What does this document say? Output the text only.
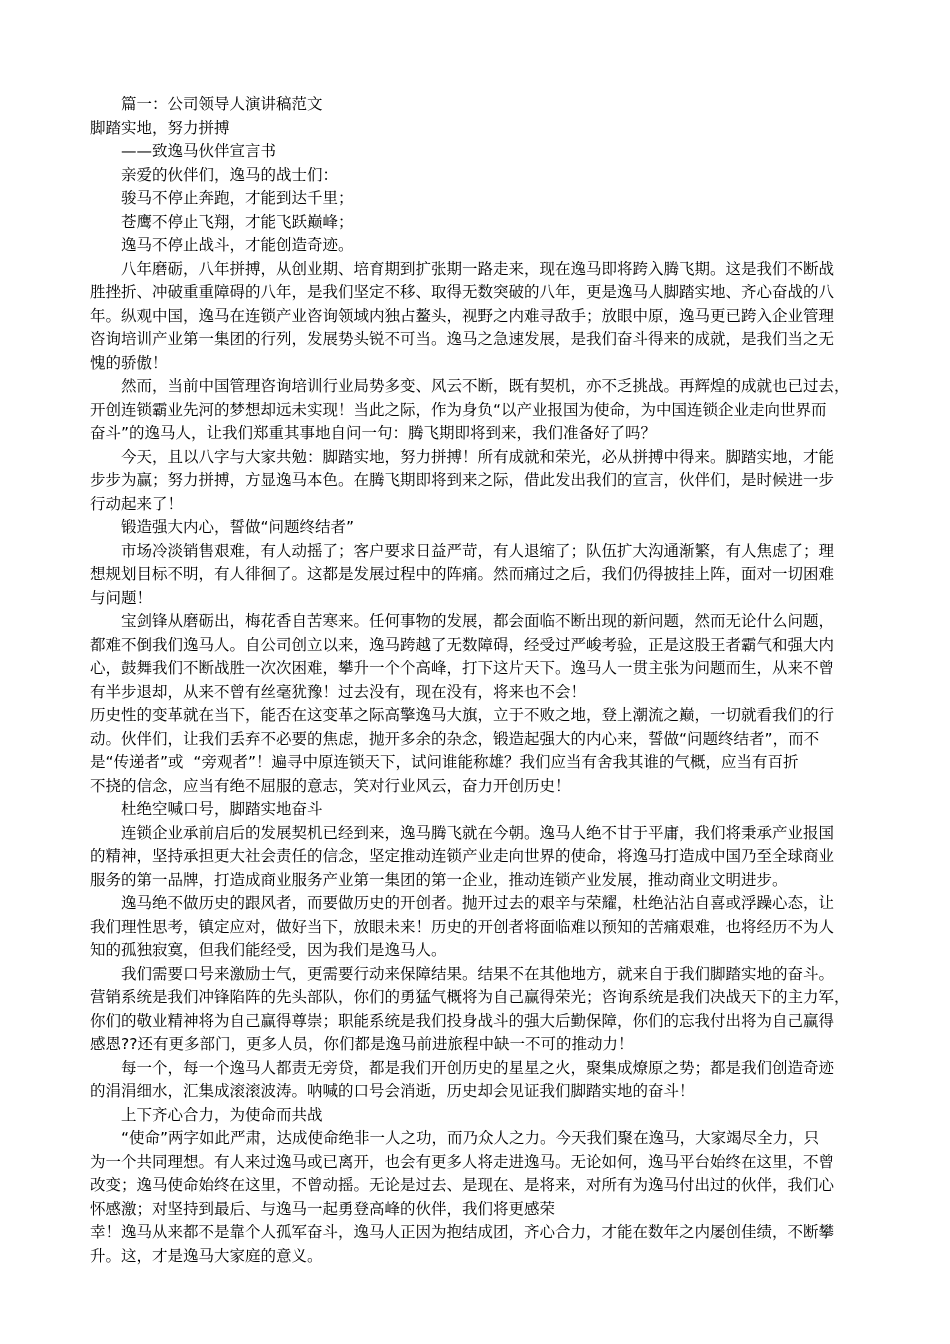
篇一：公司领导人演讲稿范文

脚踏实地，努力拼搏

——致逸马伙伴宣言书

亲爱的伙伴们，逸马的战士们：

骏马不停止奔跑，才能到达千里；

苍鹰不停止飞翔，才能飞跃巅峰；

逸马不停止战斗，才能创造奇迹。

八年磨砺，八年拼搏，从创业期、培育期到扩张期一路走来，现在逸马即将跨入腾飞期。这是我们不断战

胜挫折、冲破重重障碍的八年，是我们坚定不移、取得无数突破的八年，更是逸马人脚踏实地、齐心奋战的八

年。纵观中国，逸马在连锁产业咨询领域内独占鳌头，视野之内难寻敌手；放眼中原，逸马更已跨入企业管理

咨询培训产业第一集团的行列，发展势头锐不可当。逸马之急速发展，是我们奋斗得来的成就，是我们当之无

愧的骄傲！

然而，当前中国管理咨询培训行业局势多变、风云不断，既有契机，亦不乏挑战。再辉煌的成就也已过去，

开创连锁霸业先河的梦想却远未实现！当此之际，作为身负“以产业报国为使命，为中国连锁企业走向世界而

奋斗”的逸马人，让我们郑重其事地自问一句：腾飞期即将到来，我们准备好了吗？

今天，且以八字与大家共勉：脚踏实地，努力拼搏！所有成就和荣光，必从拼搏中得来。脚踏实地，才能

步步为赢；努力拼搏，方显逸马本色。在腾飞期即将到来之际，借此发出我们的宣言，伙伴们，是时候进一步

行动起来了！

锻造强大内心，誓做“问题终结者”

市场冷淡销售艰难，有人动摇了；客户要求日益严苛，有人退缩了；队伍扩大沟通渐繁，有人焦虑了；理

想规划目标不明，有人徘徊了。这都是发展过程中的阵痛。然而痛过之后，我们仍得披挂上阵，面对一切困难

与问题！

宝剑锋从磨砺出，梅花香自苦寒来。任何事物的发展，都会面临不断出现的新问题，然而无论什么问题，

都难不倒我们逸马人。自公司创立以来，逸马跨越了无数障碍，经受过严峻考验，正是这股王者霸气和强大内

心，鼓舞我们不断战胜一次次困难，攀升一个个高峰，打下这片天下。逸马人一贯主张为问题而生，从来不曾

有半步退却，从来不曾有丝毫犹豫！过去没有，现在没有，将来也不会！

历史性的变革就在当下，能否在这变革之际高擎逸马大旗，立于不败之地，登上潮流之巅，一切就看我们的行

动。伙伴们，让我们丢弃不必要的焦虑，抛开多余的杂念，锻造起强大的内心来，誓做“问题终结者”，而不

是“传递者”或  “旁观者”！遍寻中原连锁天下，试问谁能称雄？我们应当有舍我其谁的气概，应当有百折

不挠的信念，应当有绝不屈服的意志，笑对行业风云，奋力开创历史！

杜绝空喊口号，脚踏实地奋斗

连锁企业承前启后的发展契机已经到来，逸马腾飞就在今朝。逸马人绝不甘于平庸，我们将秉承产业报国

的精神，坚持承担更大社会责任的信念，坚定推动连锁产业走向世界的使命，将逸马打造成中国乃至全球商业

服务的第一品牌，打造成商业服务产业第一集团的第一企业，推动连锁产业发展，推动商业文明进步。

逸马绝不做历史的跟风者，而要做历史的开创者。抛开过去的艰辛与荣耀，杜绝沾沾自喜或浮躁心态，让

我们理性思考，镇定应对，做好当下，放眼未来！历史的开创者将面临难以预知的苦痛艰难，也将经历不为人

知的孤独寂寞，但我们能经受，因为我们是逸马人。

我们需要口号来激励士气，更需要行动来保障结果。结果不在其他地方，就来自于我们脚踏实地的奋斗。

营销系统是我们冲锋陷阵的先头部队，你们的勇猛气概将为自己赢得荣光；咨询系统是我们决战天下的主力军，

你们的敬业精神将为自己赢得尊崇；职能系统是我们投身战斗的强大后勤保障，你们的忘我付出将为自己赢得

感恩??还有更多部门，更多人员，你们都是逸马前进旅程中缺一不可的推动力！

每一个，每一个逸马人都责无旁贷，都是我们开创历史的星星之火，聚集成燎原之势；都是我们创造奇迹

的涓涓细水，汇集成滚滚波涛。呐喊的口号会消逝，历史却会见证我们脚踏实地的奋斗！

上下齐心合力，为使命而共战

“使命”两字如此严肃，达成使命绝非一人之功，而乃众人之力。今天我们聚在逸马，大家竭尽全力，只

为一个共同理想。有人来过逸马或已离开，也会有更多人将走进逸马。无论如何，逸马平台始终在这里，不曾

改变；逸马使命始终在这里，不曾动摇。无论是过去、是现在、是将来，对所有为逸马付出过的伙伴，我们心

怀感激；对坚持到最后、与逸马一起勇登高峰的伙伴，我们将更感荣

幸！逸马从来都不是靠个人孤军奋斗，逸马人正因为抱结成团，齐心合力，才能在数年之内屡创佳绩，不断攀

升。这，才是逸马大家庭的意义。
